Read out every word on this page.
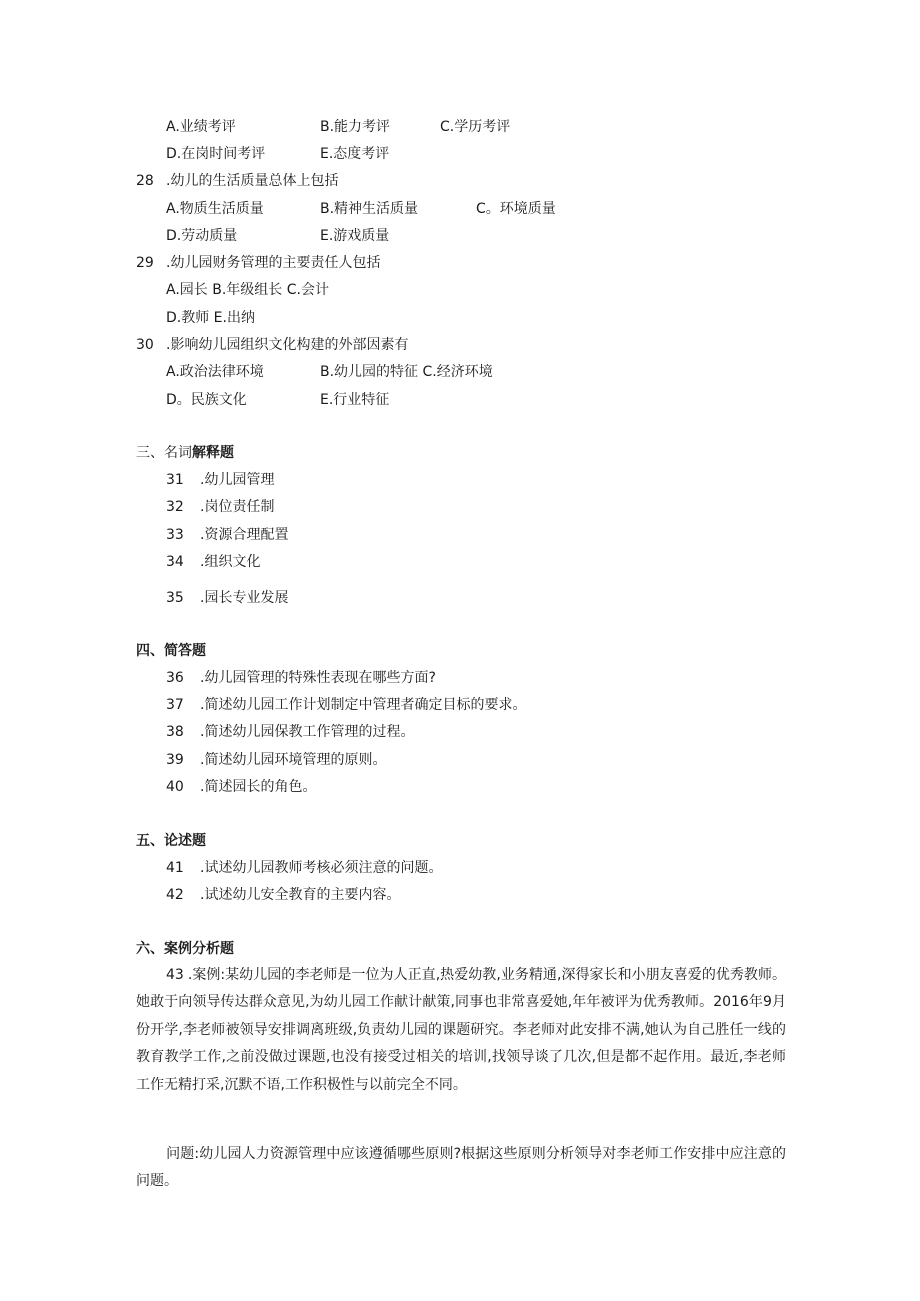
A.业绩考评	B.能力考评	C.学历考评
D.在岗时间考评	E.态度考评
28 .幼儿的生活质量总体上包括
A.物质生活质量	B.精神生活质量	C。环境质量
D.劳动质量	E.游戏质量
29 .幼儿园财务管理的主要责任人包括
A.园长 B.年级组长 C.会计
D.教师 E.出纳
30 .影响幼儿园组织文化构建的外部因素有
A.政治法律环境	B.幼儿园的特征 C.经济环境
D。民族文化	E.行业特征
三、名词解释题
31 .幼儿园管理
32 .岗位责任制
33 .资源合理配置
34 .组织文化
35 .园长专业发展
四、简答题
36 .幼儿园管理的特殊性表现在哪些方面?
37 .简述幼儿园工作计划制定中管理者确定目标的要求。
38 .简述幼儿园保教工作管理的过程。
39 .简述幼儿园环境管理的原则。
40 .简述园长的角色。
五、论述题
41 .试述幼儿园教师考核必须注意的问题。
42 .试述幼儿安全教育的主要内容。
六、案例分析题
43 .案例:某幼儿园的李老师是一位为人正直,热爱幼教,业务精通,深得家长和小朋友喜爱的优秀教师。她敢于向领导传达群众意见,为幼儿园工作献计献策,同事也非常喜爱她,年年被评为优秀教师。2016年9月份开学,李老师被领导安排调离班级,负责幼儿园的课题研究。李老师对此安排不满,她认为自己胜任一线的教育教学工作,之前没做过课题,也没有接受过相关的培训,找领导谈了几次,但是都不起作用。最近,李老师工作无精打采,沉默不语,工作积极性与以前完全不同。
问题:幼儿园人力资源管理中应该遵循哪些原则?根据这些原则分析领导对李老师工作安排中应注意的问题。
